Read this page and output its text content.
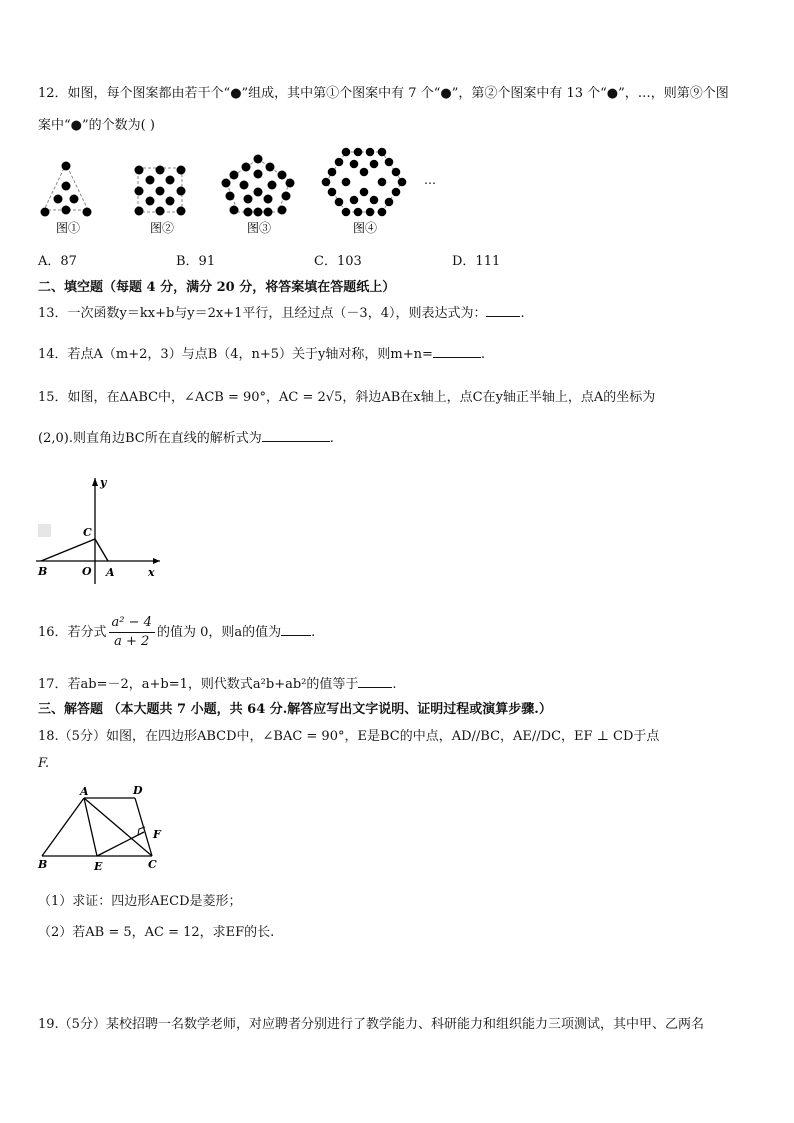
12．如图，每个图案都由若干个“●”组成，其中第①个图案中有 7 个“●”，第②个图案中有 13 个“●”，…，则第⑨个图
案中“●”的个数为( )
图①	图②	图③	图④
…
A．87	B．91	C．103	D．111
二、填空题（每题 4 分，满分 20 分，将答案填在答题纸上）
13．一次函数y＝kx+b与y＝2x+1平行，且经过点（－3，4），则表达式为：	.
14．若点A（m+2，3）与点B（4，n+5）关于y轴对称，则m+n=	.
15．如图，在ΔABC中，∠ACB = 90°，AC = 2√5，斜边AB在x轴上，点C在y轴正半轴上，点A的坐标为
(2,0).则直角边BC所在直线的解析式为	.
y
C
B	O A	x
16．若分式 $\frac{\text{a² − 4}}{a + 2}$ 的值为 0，则a的值为 .
17．若ab=－2，a+b=1，则代数式a²b+ab²的值等于	.
三、解答题 （本大题共 7 小题，共 64 分.解答应写出文字说明、证明过程或演算步骤.）
18.（5分）如图，在四边形ABCD中，∠BAC = 90°，E是BC的中点，AD//BC，AE//DC，EF ⊥ CD于点
F.
A	D
B	E	C
F
（1）求证：四边形AECD是菱形；
（2）若AB = 5，AC = 12，求EF的长.
19.（5分）某校招聘一名数学老师，对应聘者分别进行了教学能力、科研能力和组织能力三项测试，其中甲、乙两名
